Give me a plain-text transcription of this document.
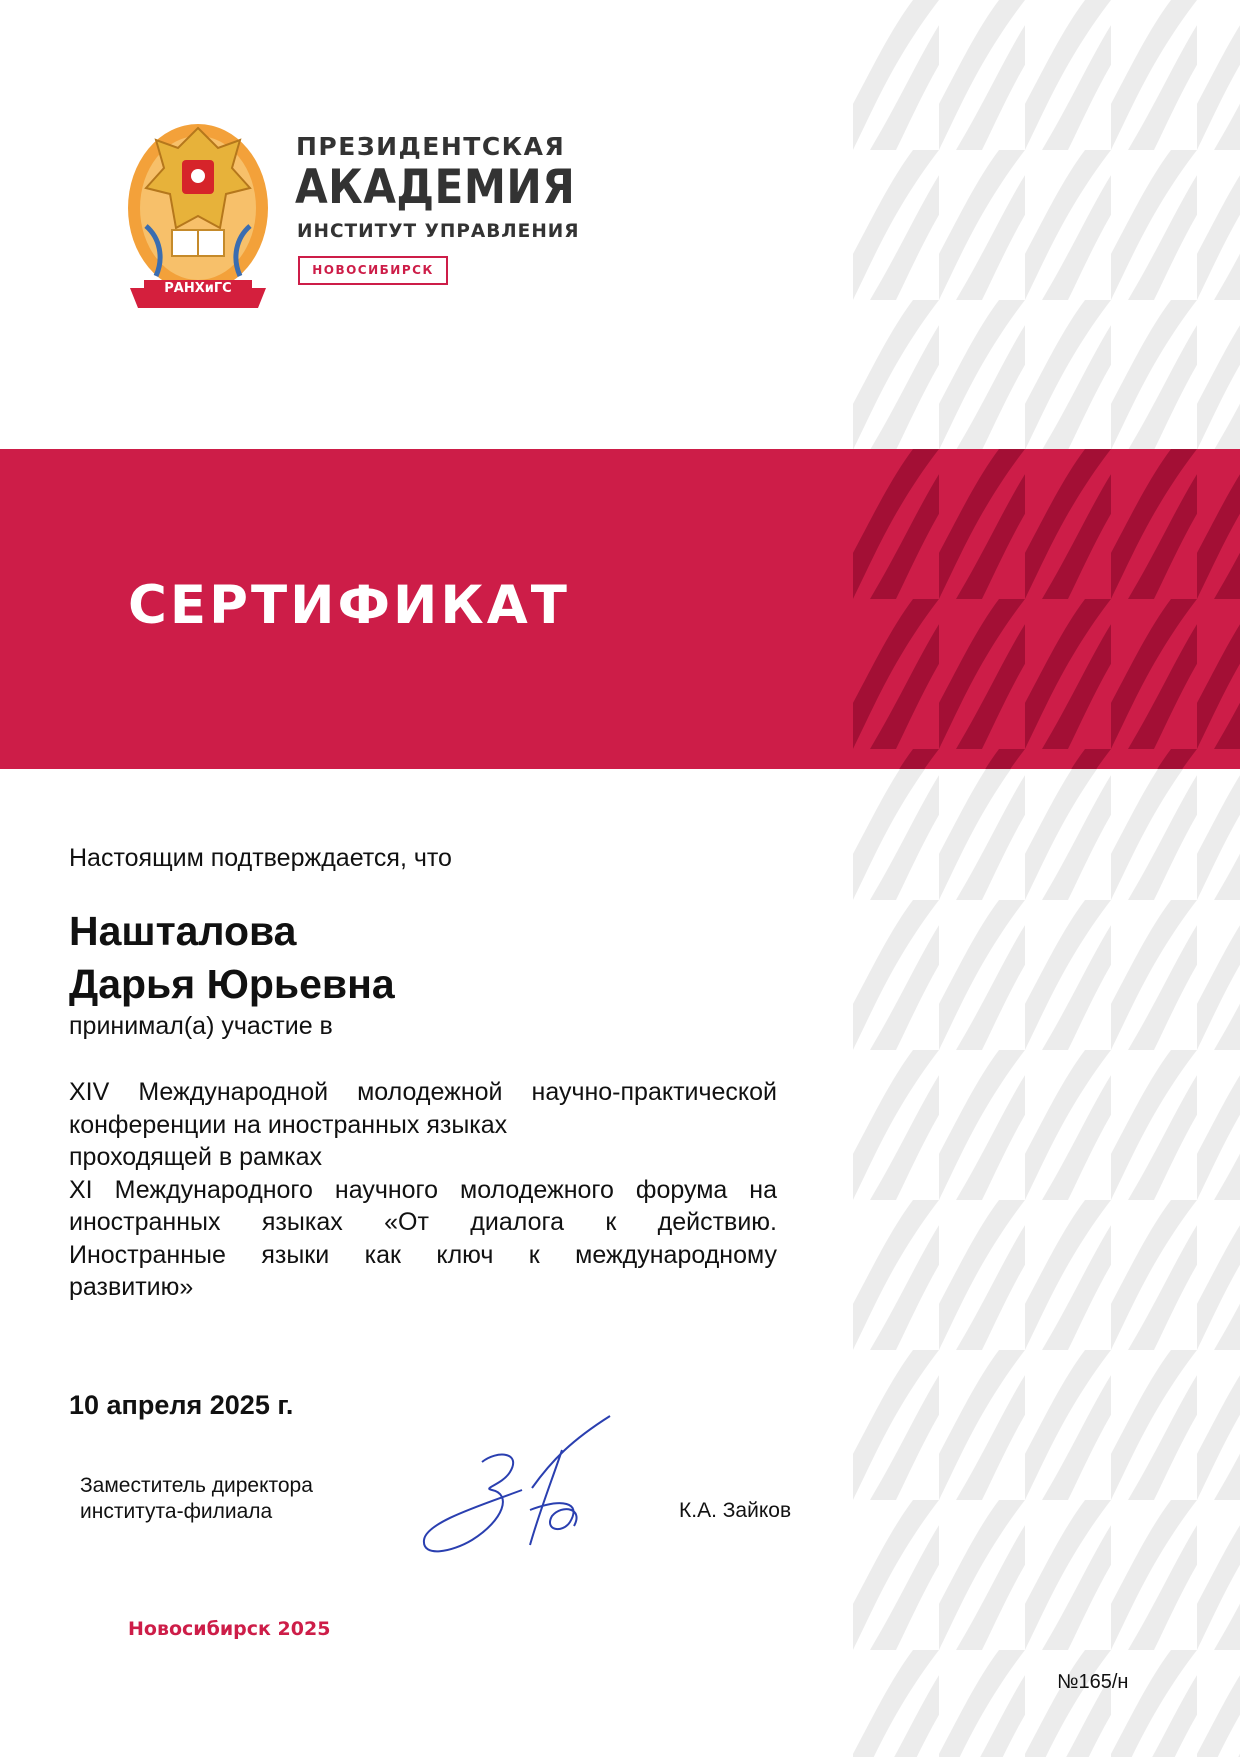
СЕРТИФИКАТ
РАНХиГС
ПРЕЗИДЕНТСКАЯ
АКАДЕМИЯ
ИНСТИТУТ УПРАВЛЕНИЯ
НОВОСИБИРСК
Настоящим подтверждается, что
Нашталова
Дарья Юрьевна
принимал(а) участие в
XIV Международной молодежной научно-практической
конференции на иностранных языках
проходящей в рамках
XI Международного научного молодежного форума на
иностранных языках «От диалога к действию.
Иностранные языки как ключ к международному
развитию»
10 апреля 2025 г.
Заместитель директора
института-филиала	К.А. Зайков
Новосибирск 2025
№165/н
